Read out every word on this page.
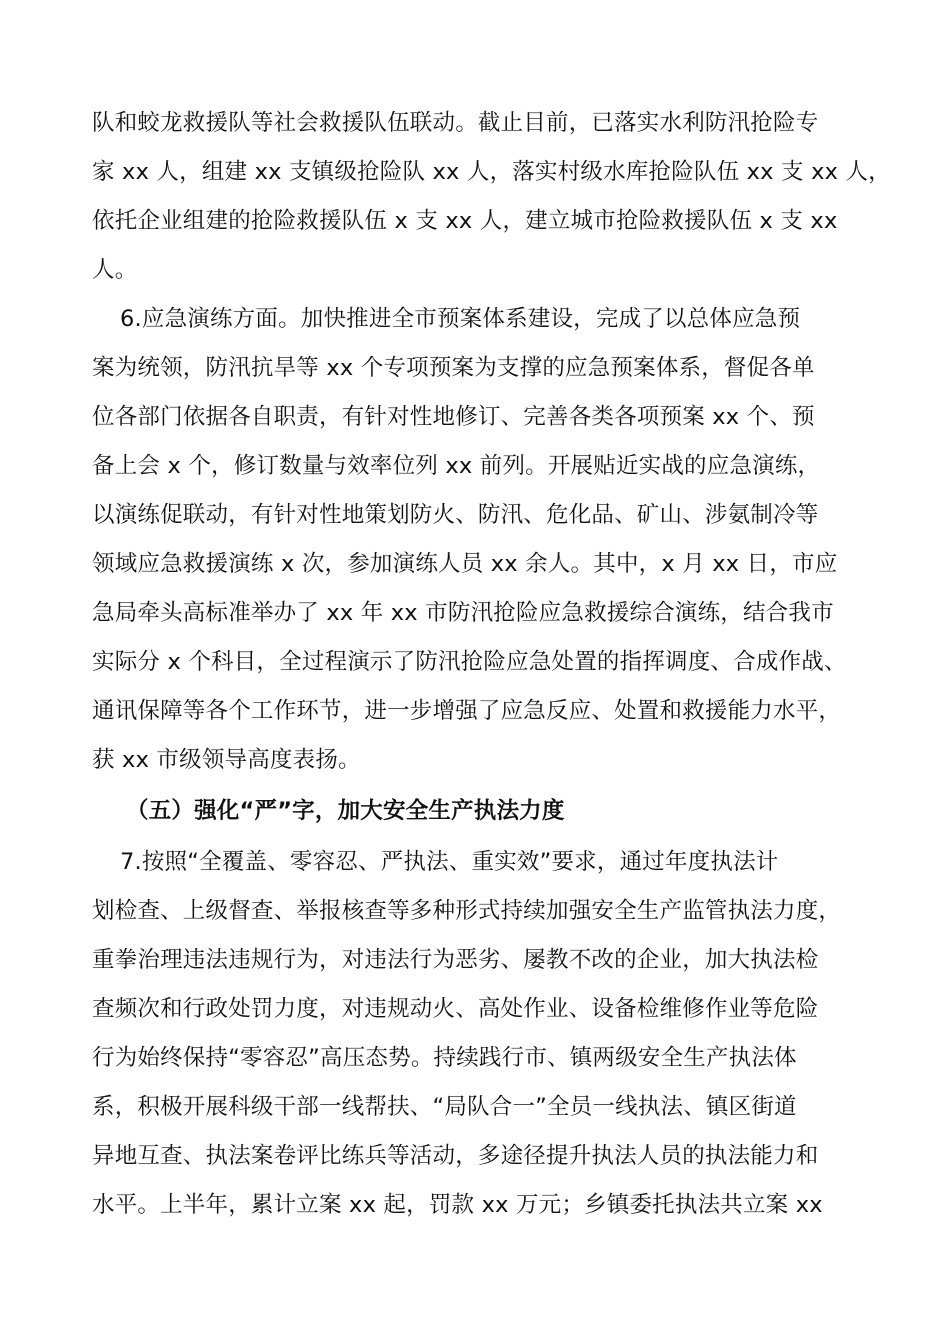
队和蛟龙救援队等社会救援队伍联动。截止目前，已落实水利防汛抢险专
家 xx 人，组建 xx 支镇级抢险队 xx 人，落实村级水库抢险队伍 xx 支 xx 人，
依托企业组建的抢险救援队伍 x 支 xx 人，建立城市抢险救援队伍 x 支 xx
人。
6.应急演练方面。加快推进全市预案体系建设，完成了以总体应急预
案为统领，防汛抗旱等 xx 个专项预案为支撑的应急预案体系，督促各单
位各部门依据各自职责，有针对性地修订、完善各类各项预案 xx 个、预
备上会 x 个，修订数量与效率位列 xx 前列。开展贴近实战的应急演练，
以演练促联动，有针对性地策划防火、防汛、危化品、矿山、涉氨制冷等
领域应急救援演练 x 次，参加演练人员 xx 余人。其中，x 月 xx 日，市应
急局牵头高标准举办了 xx 年 xx 市防汛抢险应急救援综合演练，结合我市
实际分 x 个科目，全过程演示了防汛抢险应急处置的指挥调度、合成作战、
通讯保障等各个工作环节，进一步增强了应急反应、处置和救援能力水平，
获 xx 市级领导高度表扬。
（五）强化“严”字，加大安全生产执法力度
7.按照“全覆盖、零容忍、严执法、重实效”要求，通过年度执法计
划检查、上级督查、举报核查等多种形式持续加强安全生产监管执法力度，
重拳治理违法违规行为，对违法行为恶劣、屡教不改的企业，加大执法检
查频次和行政处罚力度，对违规动火、高处作业、设备检维修作业等危险
行为始终保持“零容忍”高压态势。持续践行市、镇两级安全生产执法体
系，积极开展科级干部一线帮扶、“局队合一”全员一线执法、镇区街道
异地互查、执法案卷评比练兵等活动，多途径提升执法人员的执法能力和
水平。上半年，累计立案 xx 起，罚款 xx 万元；乡镇委托执法共立案 xx
